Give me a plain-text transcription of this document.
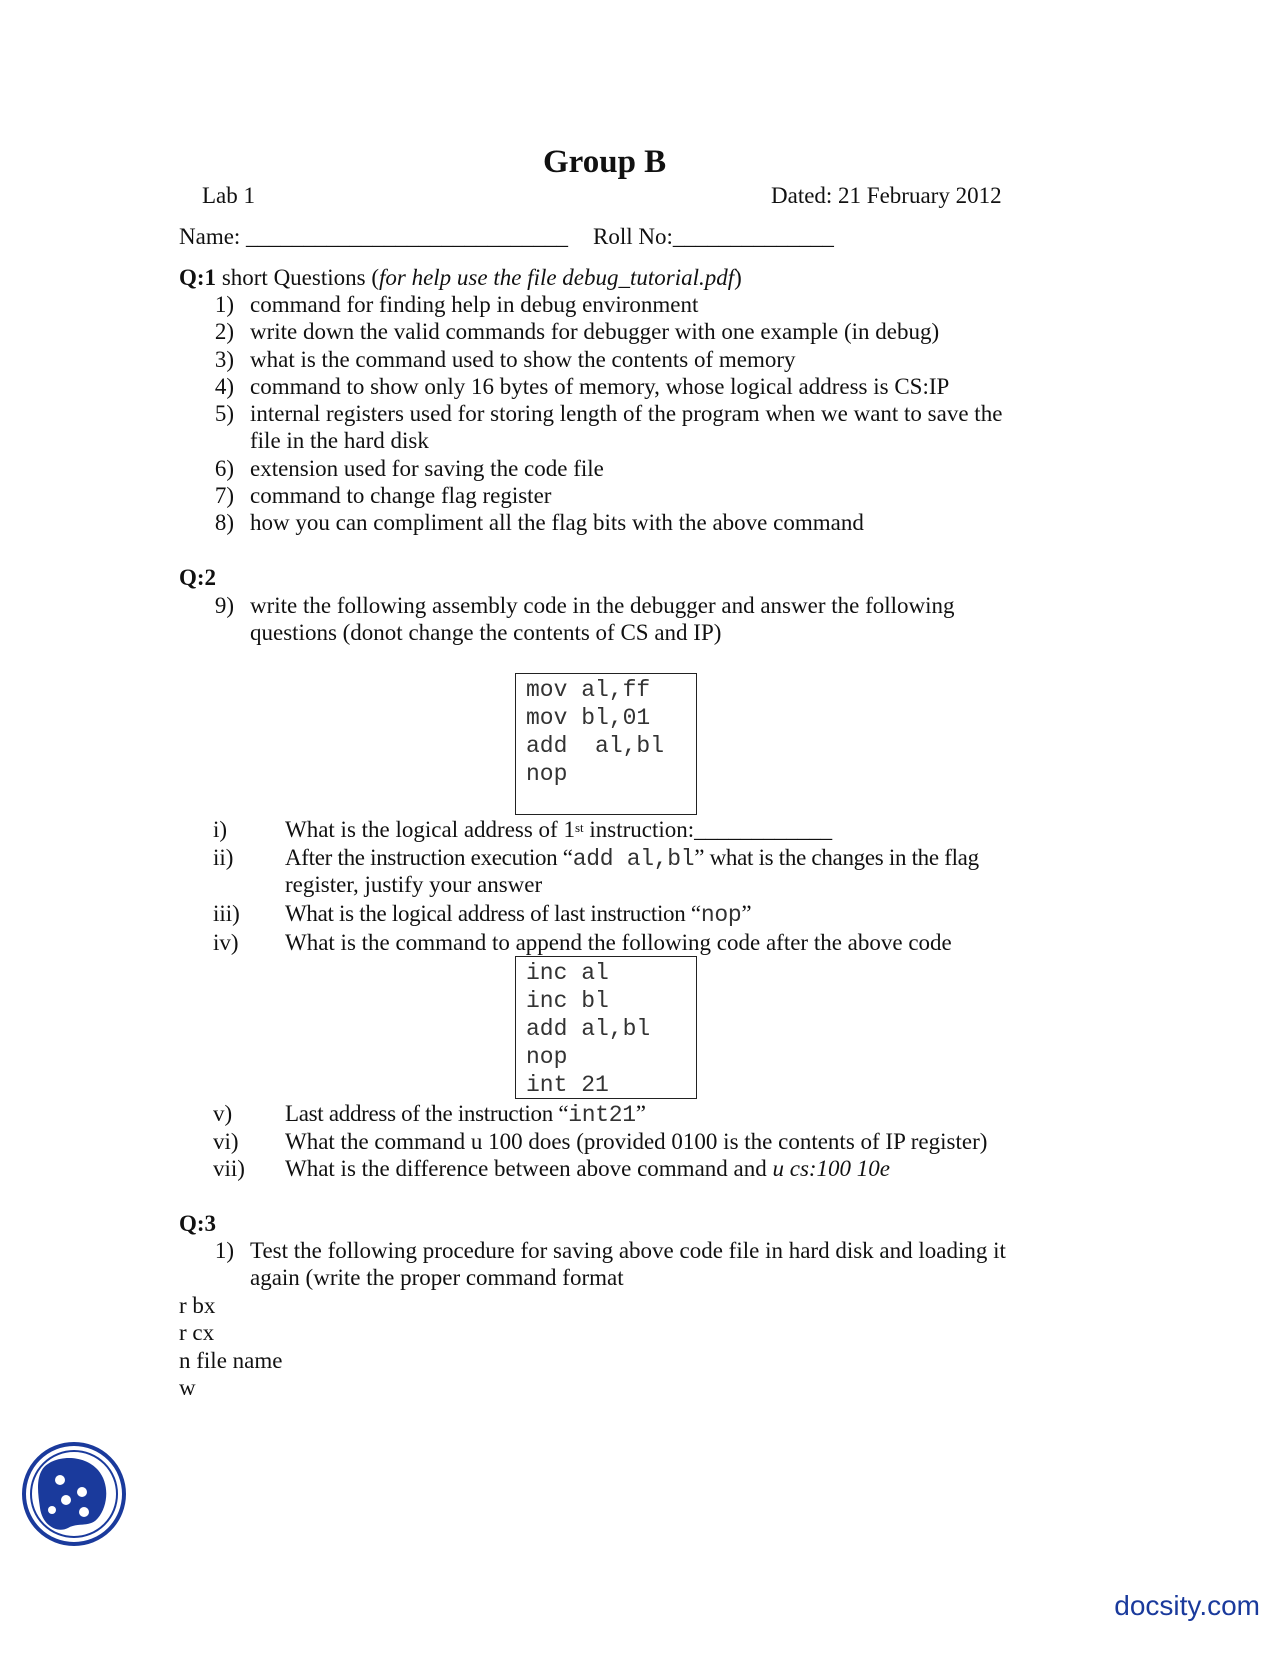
Group B
Lab 1	Dated: 21 February 2012
Name: ____________________________ Roll No:______________
Q:1 short Questions (for help use the file debug_tutorial.pdf)
1) command for finding help in debug environment
2) write down the valid commands for debugger with one example (in debug)
3) what is the command used to show the contents of memory
4) command to show only 16 bytes of memory, whose logical address is CS:IP
5) internal registers used for storing length of the program when we want to save the
file in the hard disk
6) extension used for saving the code file
7) command to change flag register
8) how you can compliment all the flag bits with the above command
Q:2
9) write the following assembly code in the debugger and answer the following
questions (donot change the contents of CS and IP)
mov al,ff
mov bl,01
add  al,bl
nop
i)	What is the logical address of 1st instruction:____________
ii) After the instruction execution “add al,bl” what is the changes in the flag
register, justify your answer
iii) What is the logical address of last instruction “nop”
iv) What is the command to append the following code after the above code
inc al
inc bl
add al,bl
nop
int 21
v) Last address of the instruction “int21”
vi) What the command u 100 does (provided 0100 is the contents of IP register)
vii) What is the difference between above command and u cs:100 10e
Q:3
1) Test the following procedure for saving above code file in hard disk and loading it
again (write the proper command format
r bx
r cx
n file name
w
docsity.com
